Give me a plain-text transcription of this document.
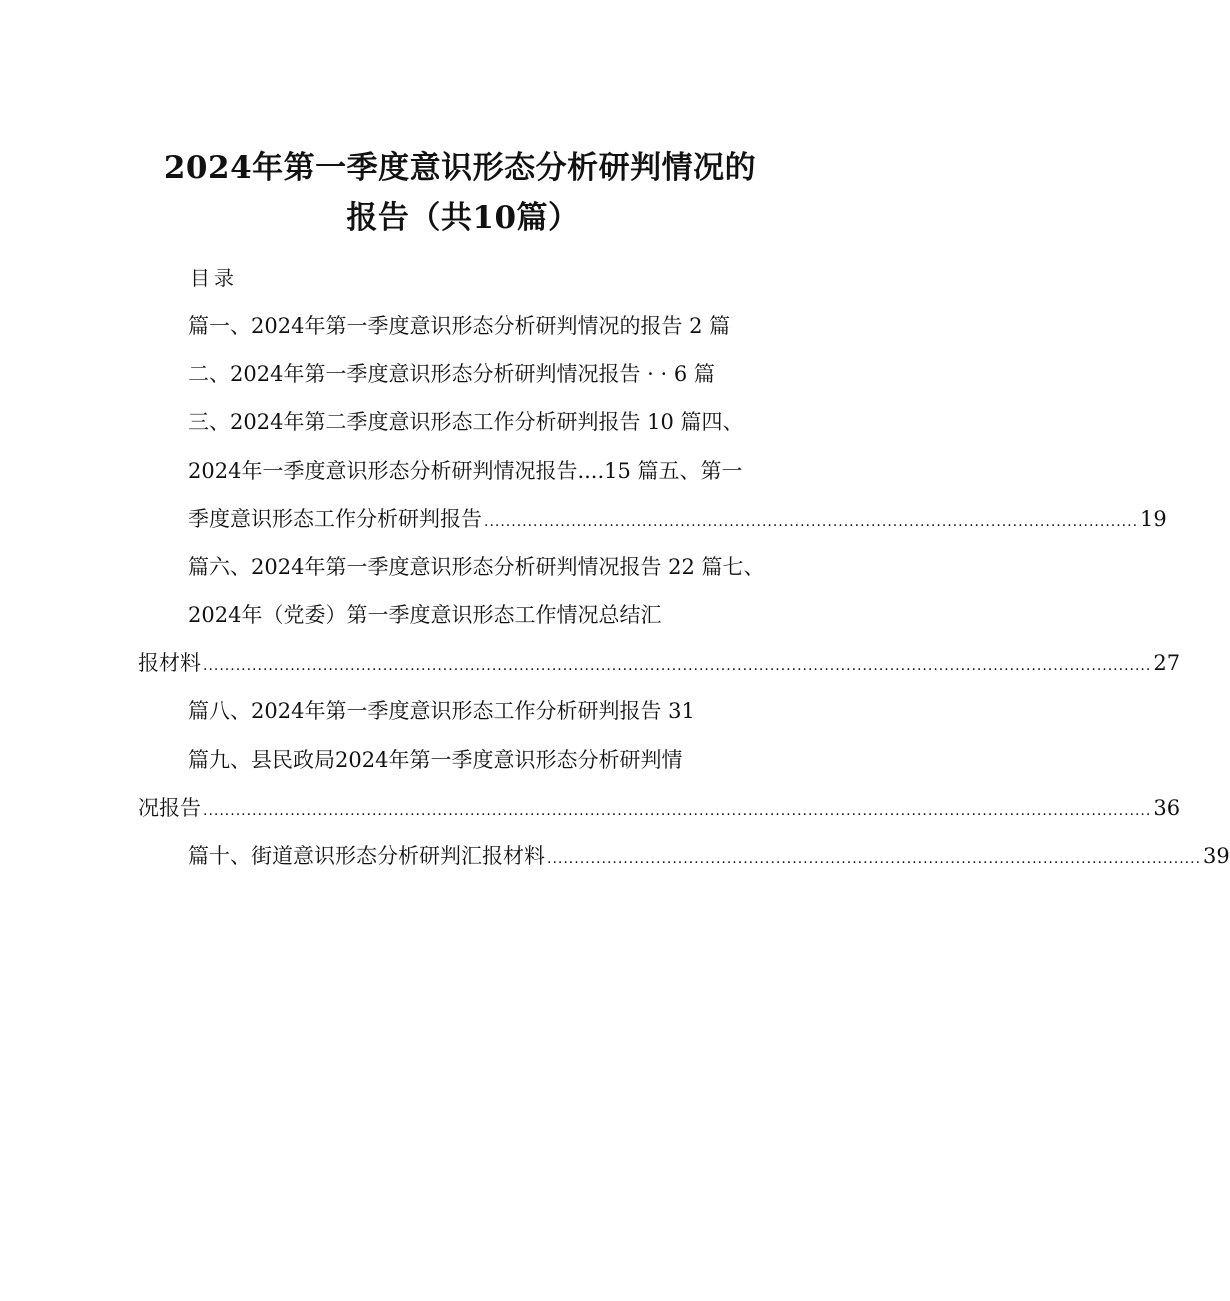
2024年第一季度意识形态分析研判情况的
报告（共10篇）
目录
篇一、2024年第一季度意识形态分析研判情况的报告 2 篇
二、2024年第一季度意识形态分析研判情况报告 · · 6 篇
三、2024年第二季度意识形态工作分析研判报告 10 篇四、
2024年一季度意识形态分析研判情况报告....15 篇五、第一
季度意识形态工作分析研判报告 ........................................................................................................................ 19
篇六、2024年第一季度意识形态分析研判情况报告 22 篇七、
2024年（党委）第一季度意识形态工作情况总结汇
报材料 .............................................................................................................................................................................. 27
篇八、2024年第一季度意识形态工作分析研判报告 31
篇九、县民政局2024年第一季度意识形态分析研判情
况报告 .............................................................................................................................................................................. 36
篇十、街道意识形态分析研判汇报材料 ........................................................................................................................ 39
